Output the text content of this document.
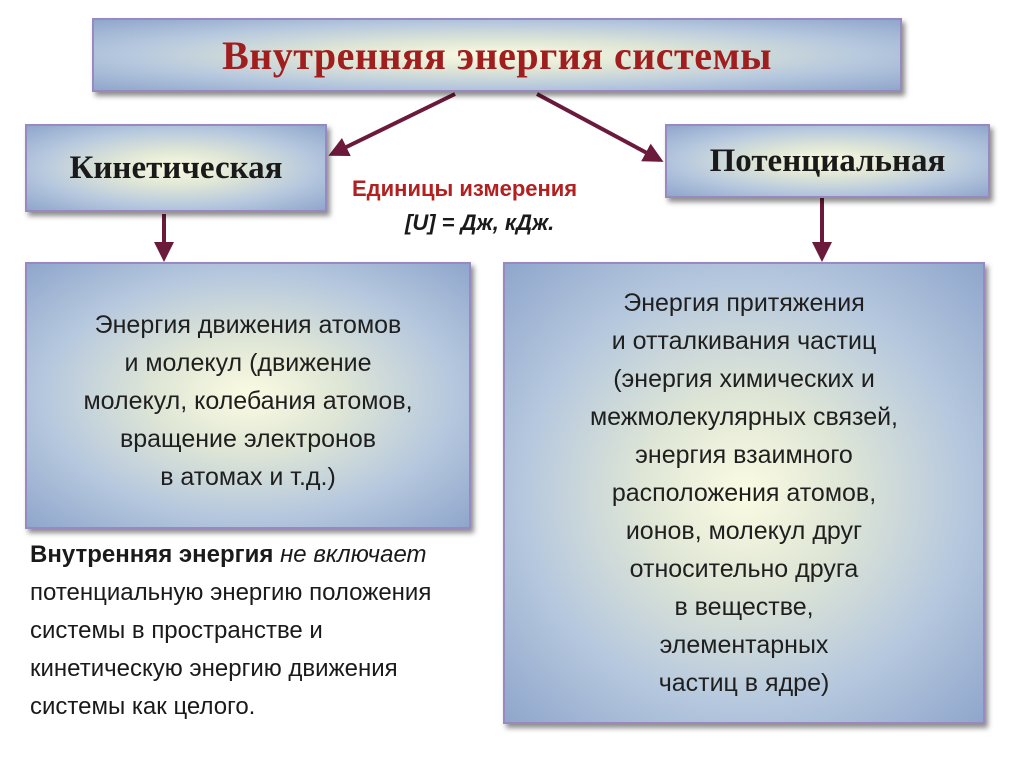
Внутренняя энергия системы
Кинетическая	Потенциальная
Единицы измерения
[U] = Дж, кДж.
Энергия движения атомов
и молекул (движение
молекул, колебания атомов,
вращение электронов
в атомах и т.д.)
Энергия притяжения
и отталкивания частиц
(энергия химических и
межмолекулярных связей,
энергия взаимного
расположения атомов,
ионов, молекул друг
относительно друга
в веществе,
элементарных
частиц в ядре)
Внутренняя энергия не включает
потенциальную энергию положения
системы в пространстве и
кинетическую энергию движения
системы как целого.
